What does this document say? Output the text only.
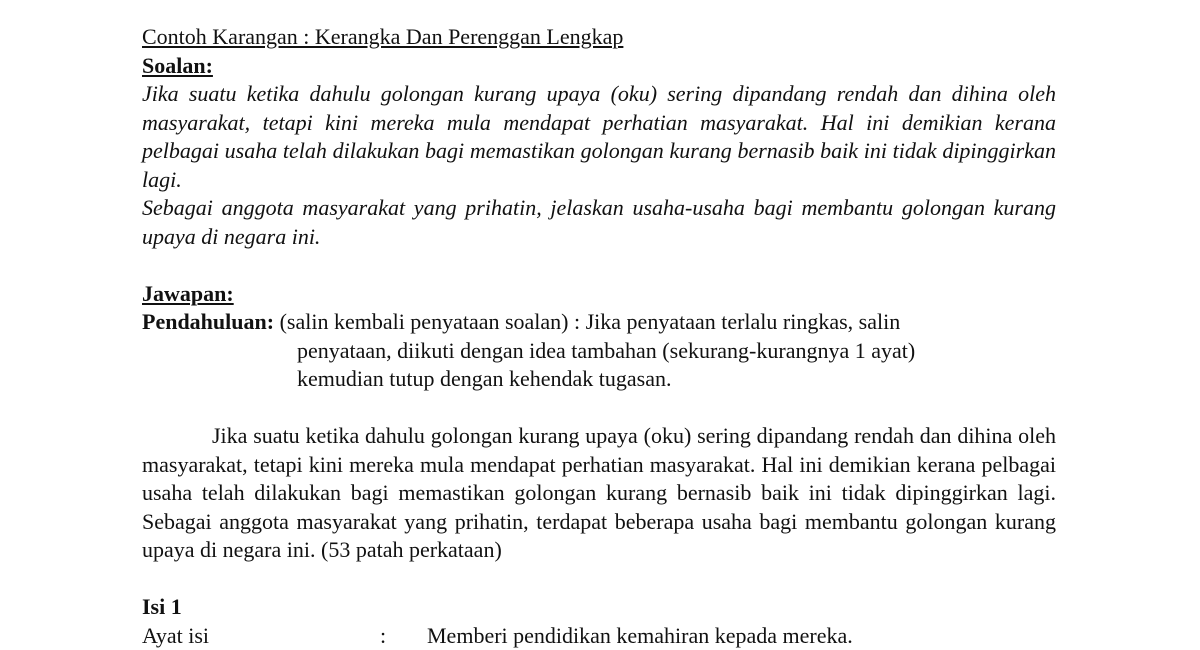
Contoh Karangan : Kerangka Dan Perenggan Lengkap
Soalan:
Jika suatu ketika dahulu golongan kurang upaya (oku) sering dipandang rendah dan dihina oleh masyarakat, tetapi kini mereka mula mendapat perhatian masyarakat. Hal ini demikian kerana pelbagai usaha telah dilakukan bagi memastikan golongan kurang bernasib baik ini tidak dipinggirkan lagi.
Sebagai anggota masyarakat yang prihatin, jelaskan usaha-usaha bagi membantu golongan kurang upaya di negara ini.
Jawapan:
Pendahuluan:
(salin kembali penyataan soalan) : Jika penyataan terlalu ringkas, salin
penyataan, diikuti dengan idea tambahan (sekurang-kurangnya 1 ayat)
kemudian tutup dengan kehendak tugasan.
Jika suatu ketika dahulu golongan kurang upaya (oku) sering dipandang rendah dan dihina oleh masyarakat, tetapi kini mereka mula mendapat perhatian masyarakat. Hal ini demikian kerana pelbagai usaha telah dilakukan bagi memastikan golongan kurang bernasib baik ini tidak dipinggirkan lagi. Sebagai anggota masyarakat yang prihatin, terdapat beberapa usaha bagi membantu golongan kurang upaya di negara ini. (53 patah perkataan)
Isi 1
Ayat isi	:	Memberi pendidikan kemahiran kepada mereka.
